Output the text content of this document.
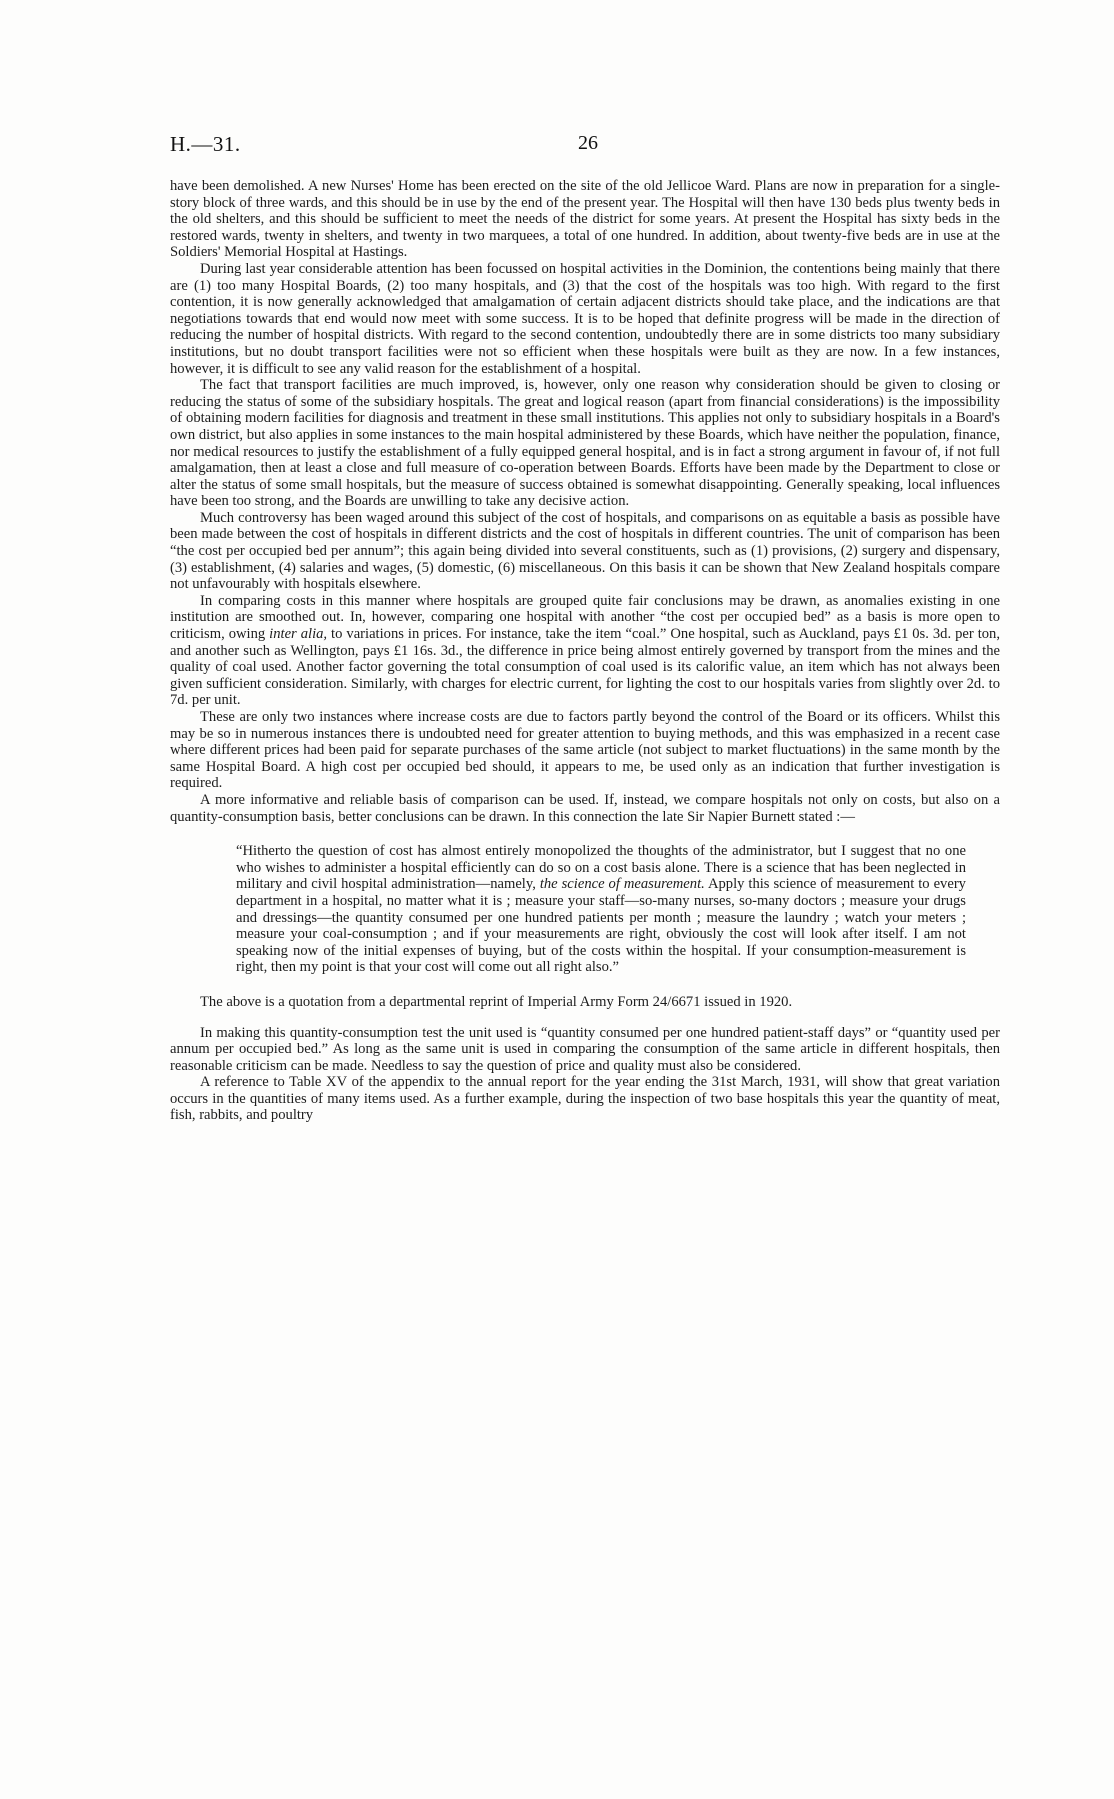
H.—31.	26

have been demolished. A new Nurses' Home has been erected on the site of the old Jellicoe Ward. Plans are now in preparation for a single-story block of three wards, and this should be in use by the end of the present year. The Hospital will then have 130 beds plus twenty beds in the old shelters, and this should be sufficient to meet the needs of the district for some years. At present the Hospital has sixty beds in the restored wards, twenty in shelters, and twenty in two marquees, a total of one hundred. In addition, about twenty-five beds are in use at the Soldiers' Memorial Hospital at Hastings.

During last year considerable attention has been focussed on hospital activities in the Dominion, the contentions being mainly that there are (1) too many Hospital Boards, (2) too many hospitals, and (3) that the cost of the hospitals was too high. With regard to the first contention, it is now generally acknowledged that amalgamation of certain adjacent districts should take place, and the indications are that negotiations towards that end would now meet with some success. It is to be hoped that definite progress will be made in the direction of reducing the number of hospital districts. With regard to the second contention, undoubtedly there are in some districts too many subsidiary institutions, but no doubt transport facilities were not so efficient when these hospitals were built as they are now. In a few instances, however, it is difficult to see any valid reason for the establishment of a hospital.

The fact that transport facilities are much improved, is, however, only one reason why consideration should be given to closing or reducing the status of some of the subsidiary hospitals. The great and logical reason (apart from financial considerations) is the impossibility of obtaining modern facilities for diagnosis and treatment in these small institutions. This applies not only to subsidiary hospitals in a Board's own district, but also applies in some instances to the main hospital administered by these Boards, which have neither the population, finance, nor medical resources to justify the establishment of a fully equipped general hospital, and is in fact a strong argument in favour of, if not full amalgamation, then at least a close and full measure of co-operation between Boards. Efforts have been made by the Department to close or alter the status of some small hospitals, but the measure of success obtained is somewhat disappointing. Generally speaking, local influences have been too strong, and the Boards are unwilling to take any decisive action.

Much controversy has been waged around this subject of the cost of hospitals, and comparisons on as equitable a basis as possible have been made between the cost of hospitals in different districts and the cost of hospitals in different countries. The unit of comparison has been “the cost per occupied bed per annum”; this again being divided into several constituents, such as (1) provisions, (2) surgery and dispensary, (3) establishment, (4) salaries and wages, (5) domestic, (6) miscellaneous. On this basis it can be shown that New Zealand hospitals compare not unfavourably with hospitals elsewhere.

In comparing costs in this manner where hospitals are grouped quite fair conclusions may be drawn, as anomalies existing in one institution are smoothed out. In, however, comparing one hospital with another “the cost per occupied bed” as a basis is more open to criticism, owing inter alia, to variations in prices. For instance, take the item “coal.” One hospital, such as Auckland, pays £1 0s. 3d. per ton, and another such as Wellington, pays £1 16s. 3d., the difference in price being almost entirely governed by transport from the mines and the quality of coal used. Another factor governing the total consumption of coal used is its calorific value, an item which has not always been given sufficient consideration. Similarly, with charges for electric current, for lighting the cost to our hospitals varies from slightly over 2d. to 7d. per unit.

These are only two instances where increase costs are due to factors partly beyond the control of the Board or its officers. Whilst this may be so in numerous instances there is undoubted need for greater attention to buying methods, and this was emphasized in a recent case where different prices had been paid for separate purchases of the same article (not subject to market fluctuations) in the same month by the same Hospital Board. A high cost per occupied bed should, it appears to me, be used only as an indication that further investigation is required.

A more informative and reliable basis of comparison can be used. If, instead, we compare hospitals not only on costs, but also on a quantity-consumption basis, better conclusions can be drawn. In this connection the late Sir Napier Burnett stated :—

“Hitherto the question of cost has almost entirely monopolized the thoughts of the administrator, but I suggest that no one who wishes to administer a hospital efficiently can do so on a cost basis alone. There is a science that has been neglected in military and civil hospital administration—namely, the science of measurement. Apply this science of measurement to every department in a hospital, no matter what it is ; measure your staff—so-many nurses, so-many doctors ; measure your drugs and dressings—the quantity consumed per one hundred patients per month ; measure the laundry ; watch your meters ; measure your coal-consumption ; and if your measurements are right, obviously the cost will look after itself. I am not speaking now of the initial expenses of buying, but of the costs within the hospital. If your consumption-measurement is right, then my point is that your cost will come out all right also.”

The above is a quotation from a departmental reprint of Imperial Army Form 24/6671 issued in 1920.

In making this quantity-consumption test the unit used is “quantity consumed per one hundred patient-staff days” or “quantity used per annum per occupied bed.” As long as the same unit is used in comparing the consumption of the same article in different hospitals, then reasonable criticism can be made. Needless to say the question of price and quality must also be considered.

A reference to Table XV of the appendix to the annual report for the year ending the 31st March, 1931, will show that great variation occurs in the quantities of many items used. As a further example, during the inspection of two base hospitals this year the quantity of meat, fish, rabbits, and poultry
